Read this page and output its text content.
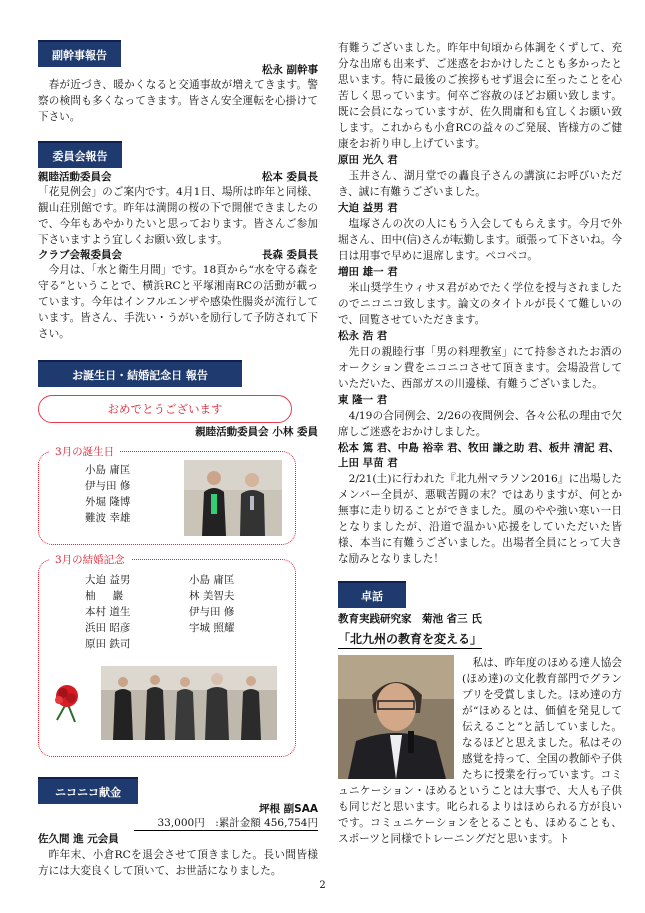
副幹事報告
松永 副幹事

春が近づき、暖かくなると交通事故が増えてきます。警察の検問も多くなってきます。皆さん安全運転を心掛けて下さい。

委員会報告
親睦活動委員会	松本 委員長

「花見例会」のご案内です。4月1日、場所は昨年と同様、観山荘別館です。昨年は満開の桜の下で開催できましたので、今年もあやかりたいと思っております。皆さんご参加下さいますよう宜しくお願い致します。

クラブ会報委員会	長森 委員長

今月は、「水と衛生月間」です。18頁から“水を守る森を守る”ということで、横浜RCと平塚湘南RCの活動が載っています。今年はインフルエンザや感染性腸炎が流行しています。皆さん、手洗い・うがいを励行して予防されて下さい。

お誕生日・結婚記念日 報告
おめでとうございます
親睦活動委員会 小林 委員
3月の誕生日
小島 庸匡
伊与田 修
外堀 隆博
難波 幸雄
3月の結婚記念
大迫 益男
柚 　 巖
本村 道生
浜田 昭彦
原田 鉄司
小島 庸匡
林 美智夫
伊与田 修
宇城 照耀
ニコニコ献金
坪根 副SAA
33,000円　:累計金額 456,754円
佐久間 進 元会員

昨年末、小倉RCを退会させて頂きました。長い間皆様方には大変良くして頂いて、お世話になりました。

有難うございました。昨年中旬頃から体調をくずして、充分な出席も出来ず、ご迷惑をおかけしたことも多かったと思います。特に最後のご挨拶もせず退会に至ったことを心苦しく思っています。何卒ご容赦のほどお願い致します。既に会員になっていますが、佐久間庸和も宜しくお願い致します。これからも小倉RCの益々のご発展、皆様方のご健康をお祈り申し上げています。

原田 光久 君

玉井さん、湖月堂での轟良子さんの講演にお呼びいただき、誠に有難うございました。

大迫 益男 君

塩塚さんの次の人にもう入会してもらえます。今月で外堀さん、田中(信)さんが転勤します。頑張って下さいね。今日は用事で早めに退席します。ペコペコ。

増田 雄一 君

米山奨学生ウィサヌ君がめでたく学位を授与されましたのでニコニコ致します。論文のタイトルが長くて難しいので、回覧させていただきます。

松永 浩 君

先日の親睦行事「男の料理教室」にて持参されたお酒のオークション費をニコニコさせて頂きます。会場設営していただいた、西部ガスの川邊様、有難うございました。

東 隆一 君

4/19の合同例会、2/26の夜間例会、各々公私の理由で欠席しご迷惑をおかけしました。

松本 篤 君、中島 裕幸 君、牧田 謙之助 君、板井 清記 君、上田 早苗 君

2/21(土)に行われた『北九州マラソン2016』に出場したメンバー全員が、悪戦苦闘の末？ではありますが、何とか無事に走り切ることができました。風のやや強い寒い一日となりましたが、沿道で温かい応援をしていただいた皆様、本当に有難うございました。出場者全員にとって大きな励みとなりました！

卓話
教育実践研究家　菊池 省三 氏
「北九州の教育を変える」

私は、昨年度のほめる達人協会(ほめ達)の文化教育部門でグランプリを受賞しました。ほめ達の方が“ほめるとは、価値を発見して伝えること”と話していました。なるほどと思えました。私はその感覚を持って、全国の教師や子供たちに授業を行っています。コミュニケーション・ほめるということは大事で、大人も子供も同じだと思います。叱られるよりはほめられる方が良いです。コミュニケーションをとることも、ほめることも、スポーツと同様でトレーニングだと思います。ト

2
